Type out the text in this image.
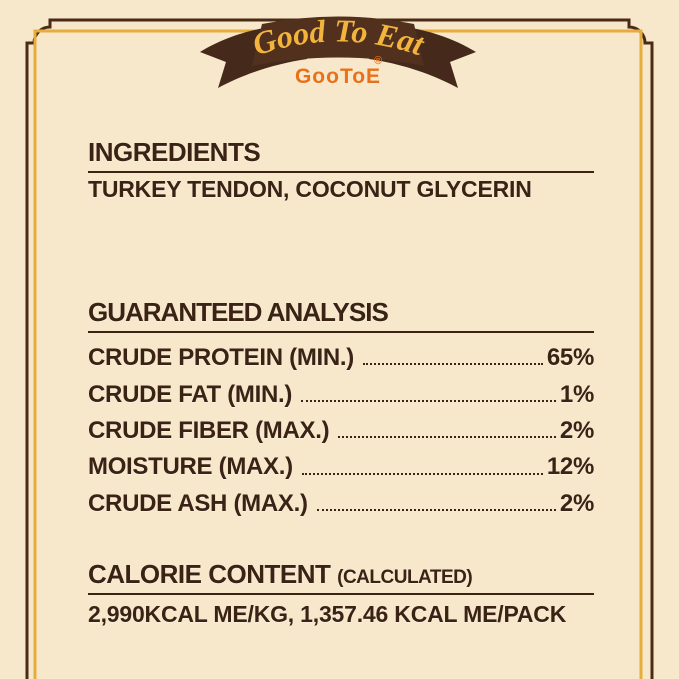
Good To Eat
GooToE
®
INGREDIENTS
TURKEY TENDON, COCONUT GLYCERIN
GUARANTEED ANALYSIS
CRUDE PROTEIN (MIN.)	65%
CRUDE FAT (MIN.)	1%
CRUDE FIBER (MAX.)	2%
MOISTURE (MAX.)	12%
CRUDE ASH (MAX.)	2%
CALORIE CONTENT (CALCULATED)
2,990KCAL ME/KG, 1,357.46 KCAL ME/PACK
